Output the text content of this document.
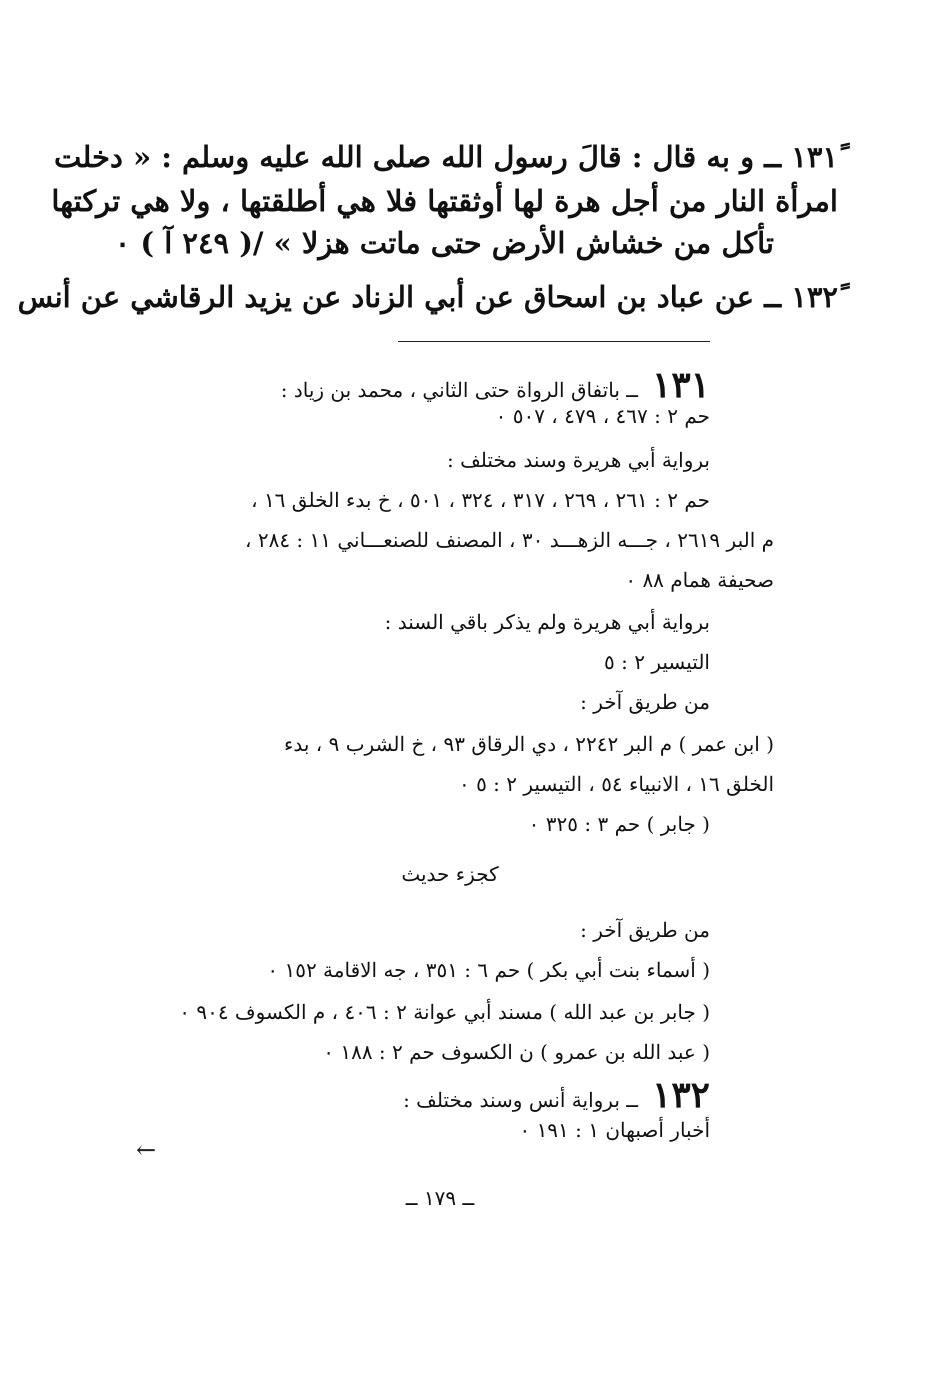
١٣١ً ــ و به قال : قالَ رسول الله صلى الله عليه وسلم : « دخلت
امرأة النار من أجل هرة لها أوثقتها فلا هي أطلقتها ، ولا هي تركتها
تأكل من خشاش الأرض حتى ماتت هزلا » /( ٢٤٩ آ ) ٠
١٣٢ً ــ عن عباد بن اسحاق عن أبي الزناد عن يزيد الرقاشي عن أنس
١٣١ــ باتفاق الرواة حتى الثاني ، محمد بن زياد :
حم ٢ : ٤٦٧ ، ٤٧٩ ، ٥٠٧ ٠
برواية أبي هريرة وسند مختلف :
حم ٢ : ٢٦١ ، ٢٦٩ ، ٣١٧ ، ٣٢٤ ، ٥٠١ ، خ بدء الخلق ١٦ ،
م البر ٢٦١٩ ، جـــه الزهـــد ٣٠ ، المصنف للصنعـــاني ١١ : ٢٨٤ ،
صحيفة همام ٨٨ ٠
برواية أبي هريرة ولم يذكر باقي السند :
التيسير ٢ : ٥
من طريق آخر :
( ابن عمر ) م البر ٢٢٤٢ ، دي الرقاق ٩٣ ، خ الشرب ٩ ، بدء
الخلق ١٦ ، الانبياء ٥٤ ، التيسير ٢ : ٥ ٠
( جابر ) حم ٣ : ٣٢٥ ٠
كجزء حديث
من طريق آخر :
( أسماء بنت أبي بكر ) حم ٦ : ٣٥١ ، جه الاقامة ١٥٢ ٠
( جابر بن عبد الله ) مسند أبي عوانة ٢ : ٤٠٦ ، م الكسوف ٩٠٤ ٠
( عبد الله بن عمرو ) ن الكسوف حم ٢ : ١٨٨ ٠
١٣٢ــ برواية أنس وسند مختلف :
أخبار أصبهان ١ : ١٩١ ٠
←
ــ ١٧٩ ــ
